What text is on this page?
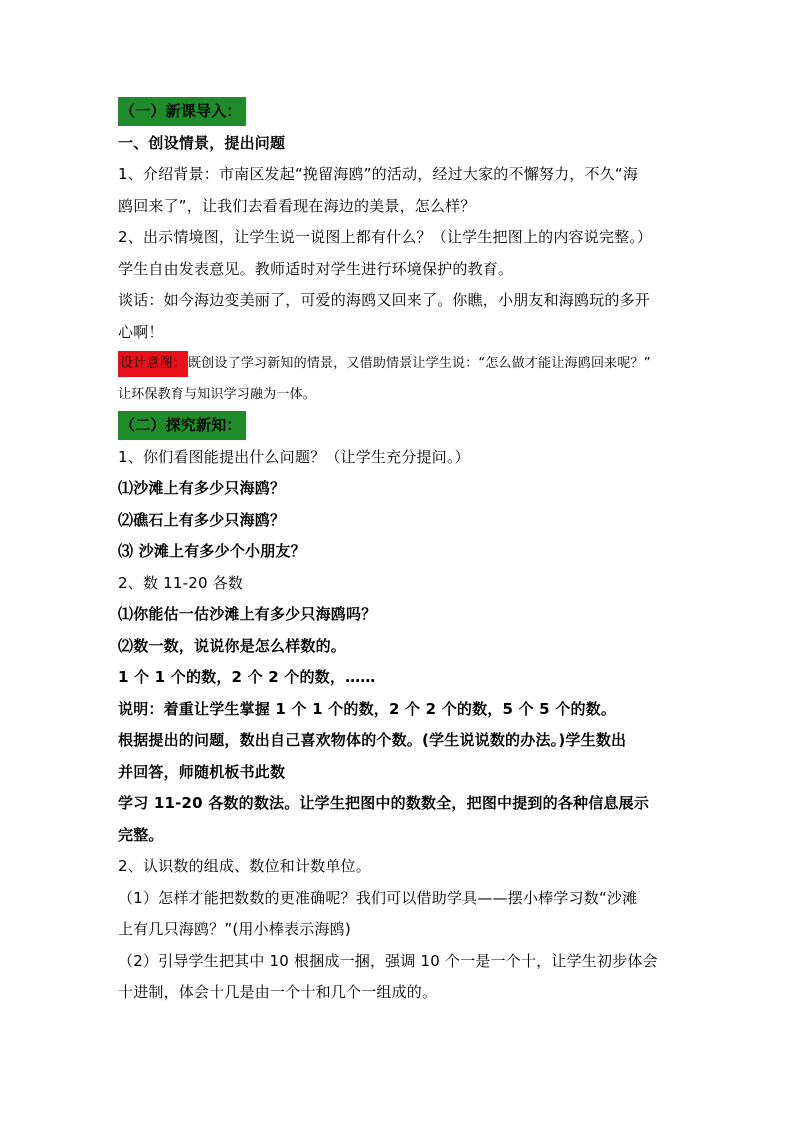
（一）新课导入：
一、创设情景，提出问题
1、介绍背景：市南区发起“挽留海鸥”的活动，经过大家的不懈努力，不久“海
鸥回来了”，让我们去看看现在海边的美景，怎么样？
2、出示情境图，让学生说一说图上都有什么？（让学生把图上的内容说完整。）
学生自由发表意见。教师适时对学生进行环境保护的教育。
谈话：如今海边变美丽了，可爱的海鸥又回来了。你瞧，小朋友和海鸥玩的多开
心啊！
设计意图： 既创设了学习新知的情景，又借助情景让学生说：“怎么做才能让海鸥回来呢？”
让环保教育与知识学习融为一体。
（二）探究新知：
1、你们看图能提出什么问题？（让学生充分提问。）
⑴沙滩上有多少只海鸥？
⑵礁石上有多少只海鸥？
⑶ 沙滩上有多少个小朋友？
2、数 11-20 各数
⑴你能估一估沙滩上有多少只海鸥吗？
⑵数一数，说说你是怎么样数的。
1 个 1 个的数，2 个 2 个的数，……
说明：着重让学生掌握 1 个 1 个的数，2 个 2 个的数，5 个 5 个的数。
根据提出的问题，数出自己喜欢物体的个数。(学生说说数的办法。)学生数出
并回答，师随机板书此数
学习 11-20 各数的数法。让学生把图中的数数全，把图中提到的各种信息展示
完整。
2、认识数的组成、数位和计数单位。
（1）怎样才能把数数的更准确呢？我们可以借助学具——摆小棒学习数“沙滩
上有几只海鸥？”(用小棒表示海鸥)
（2）引导学生把其中 10 根捆成一捆，强调 10 个一是一个十，让学生初步体会
十进制，体会十几是由一个十和几个一组成的。
